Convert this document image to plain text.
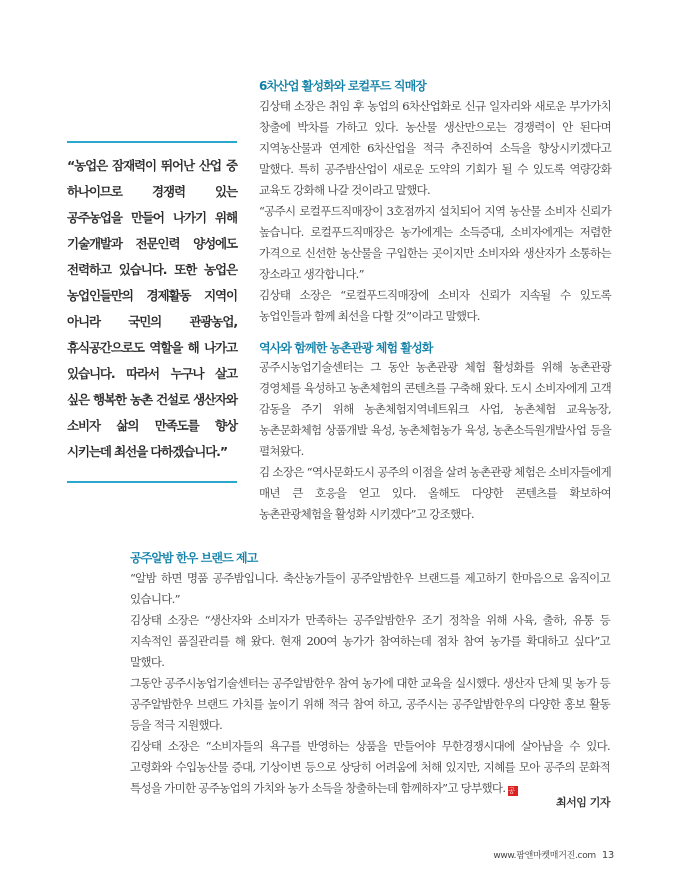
“농업은 잠재력이 뛰어난 산업 중 하나이므로 경쟁력 있는 공주농업을 만들어 나가기 위해 기술개발과 전문인력 양성에도 전력하고 있습니다. 또한 농업은 농업인들만의 경제활동 지역이 아니라 국민의 관광농업, 휴식공간으로도 역할을 해 나가고 있습니다. 따라서 누구나 살고 싶은 행복한 농촌 건설로 생산자와 소비자 삶의 만족도를 향상 시키는데 최선을 다하겠습니다.”

6차산업 활성화와 로컬푸드 직매장

김상태 소장은 취임 후 농업의 6차산업화로 신규 일자리와 새로운 부가가치 창출에 박차를 가하고 있다. 농산물 생산만으로는 경쟁력이 안 된다며 지역농산물과 연계한 6차산업을 적극 추진하여 소득을 향상시키겠다고 말했다. 특히 공주밤산업이 새로운 도약의 기회가 될 수 있도록 역량강화 교육도 강화해 나갈 것이라고 말했다.

“공주시 로컬푸드직매장이 3호점까지 설치되어 지역 농산물 소비자 신뢰가 높습니다. 로컬푸드직매장은 농가에게는 소득증대, 소비자에게는 저렴한 가격으로 신선한 농산물을 구입한는 곳이지만 소비자와 생산자가 소통하는 장소라고 생각합니다.”

김상태 소장은 “로컬푸드직매장에 소비자 신뢰가 지속될 수 있도록 농업인들과 함께 최선을 다할 것”이라고 말했다.

역사와 함께한 농촌관광 체험 활성화

공주시농업기술센터는 그 동안 농촌관광 체험 활성화를 위해 농촌관광 경영체를 육성하고 농촌체험의 콘텐츠를 구축해 왔다. 도시 소비자에게 고객 감동을 주기 위해 농촌체험지역네트워크 사업, 농촌체험 교육농장, 농촌문화체험 상품개발 육성, 농촌체험농가 육성, 농촌소득원개발사업 등을 펼쳐왔다.

김 소장은 “역사문화도시 공주의 이점을 살려 농촌관광 체험은 소비자들에게 매년 큰 호응을 얻고 있다. 올해도 다양한 콘텐츠를 확보하여 농촌관광체험을 활성화 시키겠다”고 강조했다.

공주알밤 한우 브랜드 제고

“알밤 하면 명품 공주밤입니다. 축산농가들이 공주알밤한우 브랜드를 제고하기 한마음으로 움직이고 있습니다.”

김상태 소장은 “생산자와 소비자가 만족하는 공주알밤한우 조기 정착을 위해 사육, 출하, 유통 등 지속적인 품질관리를 해 왔다. 현재 200여 농가가 참여하는데 점차 참여 농가를 확대하고 싶다”고 말했다.

그동안 공주시농업기술센터는 공주알밤한우 참여 농가에 대한 교육을 실시했다. 생산자 단체 및 농가 등 공주알밤한우 브랜드 가치를 높이기 위해 적극 참여 하고, 공주시는 공주알밤한우의 다양한 홍보 활동 등을 적극 지원했다.

김상태 소장은 “소비자들의 욕구를 반영하는 상품을 만들어야 무한경쟁시대에 살아남을 수 있다. 고령화와 수입농산물 증대, 기상이변 등으로 상당히 어려움에 처해 있지만, 지혜를 모아 공주의 문화적 특성을 가미한 공주농업의 가치와 농가 소득을 창출하는데 함께하자”고 당부했다. 공

최서임 기자

www.팜앤마켓매거진.com 13
